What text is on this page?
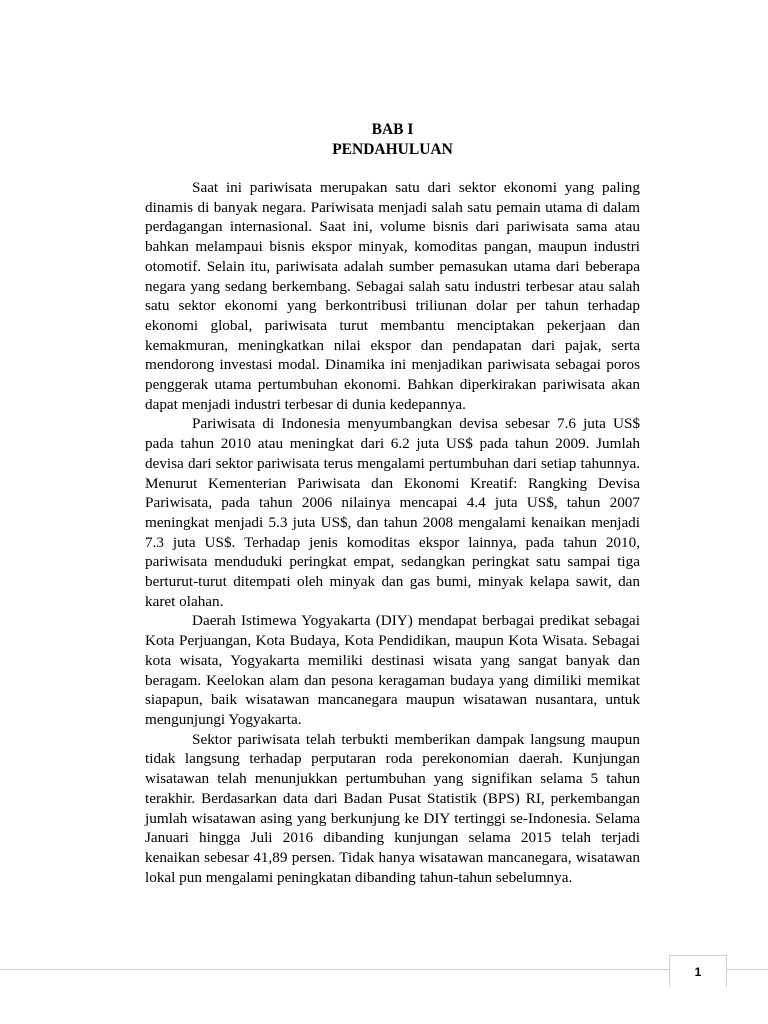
BAB I
PENDAHULUAN

Saat ini pariwisata merupakan satu dari sektor ekonomi yang paling dinamis di banyak negara. Pariwisata menjadi salah satu pemain utama di dalam perdagangan internasional. Saat ini, volume bisnis dari pariwisata sama atau bahkan melampaui bisnis ekspor minyak, komoditas pangan, maupun industri otomotif. Selain itu, pariwisata adalah sumber pemasukan utama dari beberapa negara yang sedang berkembang. Sebagai salah satu industri terbesar atau salah satu sektor ekonomi yang berkontribusi triliunan dolar per tahun terhadap ekonomi global, pariwisata turut membantu menciptakan pekerjaan dan kemakmuran, meningkatkan nilai ekspor dan pendapatan dari pajak, serta mendorong investasi modal. Dinamika ini menjadikan pariwisata sebagai poros penggerak utama pertumbuhan ekonomi. Bahkan diperkirakan pariwisata akan dapat menjadi industri terbesar di dunia kedepannya.

Pariwisata di Indonesia menyumbangkan devisa sebesar 7.6 juta US$ pada tahun 2010 atau meningkat dari 6.2 juta US$ pada tahun 2009. Jumlah devisa dari sektor pariwisata terus mengalami pertumbuhan dari setiap tahunnya. Menurut Kementerian Pariwisata dan Ekonomi Kreatif: Rangking Devisa Pariwisata, pada tahun 2006 nilainya mencapai 4.4 juta US$, tahun 2007 meningkat menjadi 5.3 juta US$, dan tahun 2008 mengalami kenaikan menjadi 7.3 juta US$. Terhadap jenis komoditas ekspor lainnya, pada tahun 2010, pariwisata menduduki peringkat empat, sedangkan peringkat satu sampai tiga berturut-turut ditempati oleh minyak dan gas bumi, minyak kelapa sawit, dan karet olahan.

Daerah Istimewa Yogyakarta (DIY) mendapat berbagai predikat sebagai Kota Perjuangan, Kota Budaya, Kota Pendidikan, maupun Kota Wisata. Sebagai kota wisata, Yogyakarta memiliki destinasi wisata yang sangat banyak dan beragam. Keelokan alam dan pesona keragaman budaya yang dimiliki memikat siapapun, baik wisatawan mancanegara maupun wisatawan nusantara, untuk mengunjungi Yogyakarta.

Sektor pariwisata telah terbukti memberikan dampak langsung maupun tidak langsung terhadap perputaran roda perekonomian daerah. Kunjungan wisatawan telah menunjukkan pertumbuhan yang signifikan selama 5 tahun terakhir. Berdasarkan data dari Badan Pusat Statistik (BPS) RI, perkembangan jumlah wisatawan asing yang berkunjung ke DIY tertinggi se-Indonesia. Selama Januari hingga Juli 2016 dibanding kunjungan selama 2015 telah terjadi kenaikan sebesar 41,89 persen. Tidak hanya wisatawan mancanegara, wisatawan lokal pun mengalami peningkatan dibanding tahun-tahun sebelumnya.

1
